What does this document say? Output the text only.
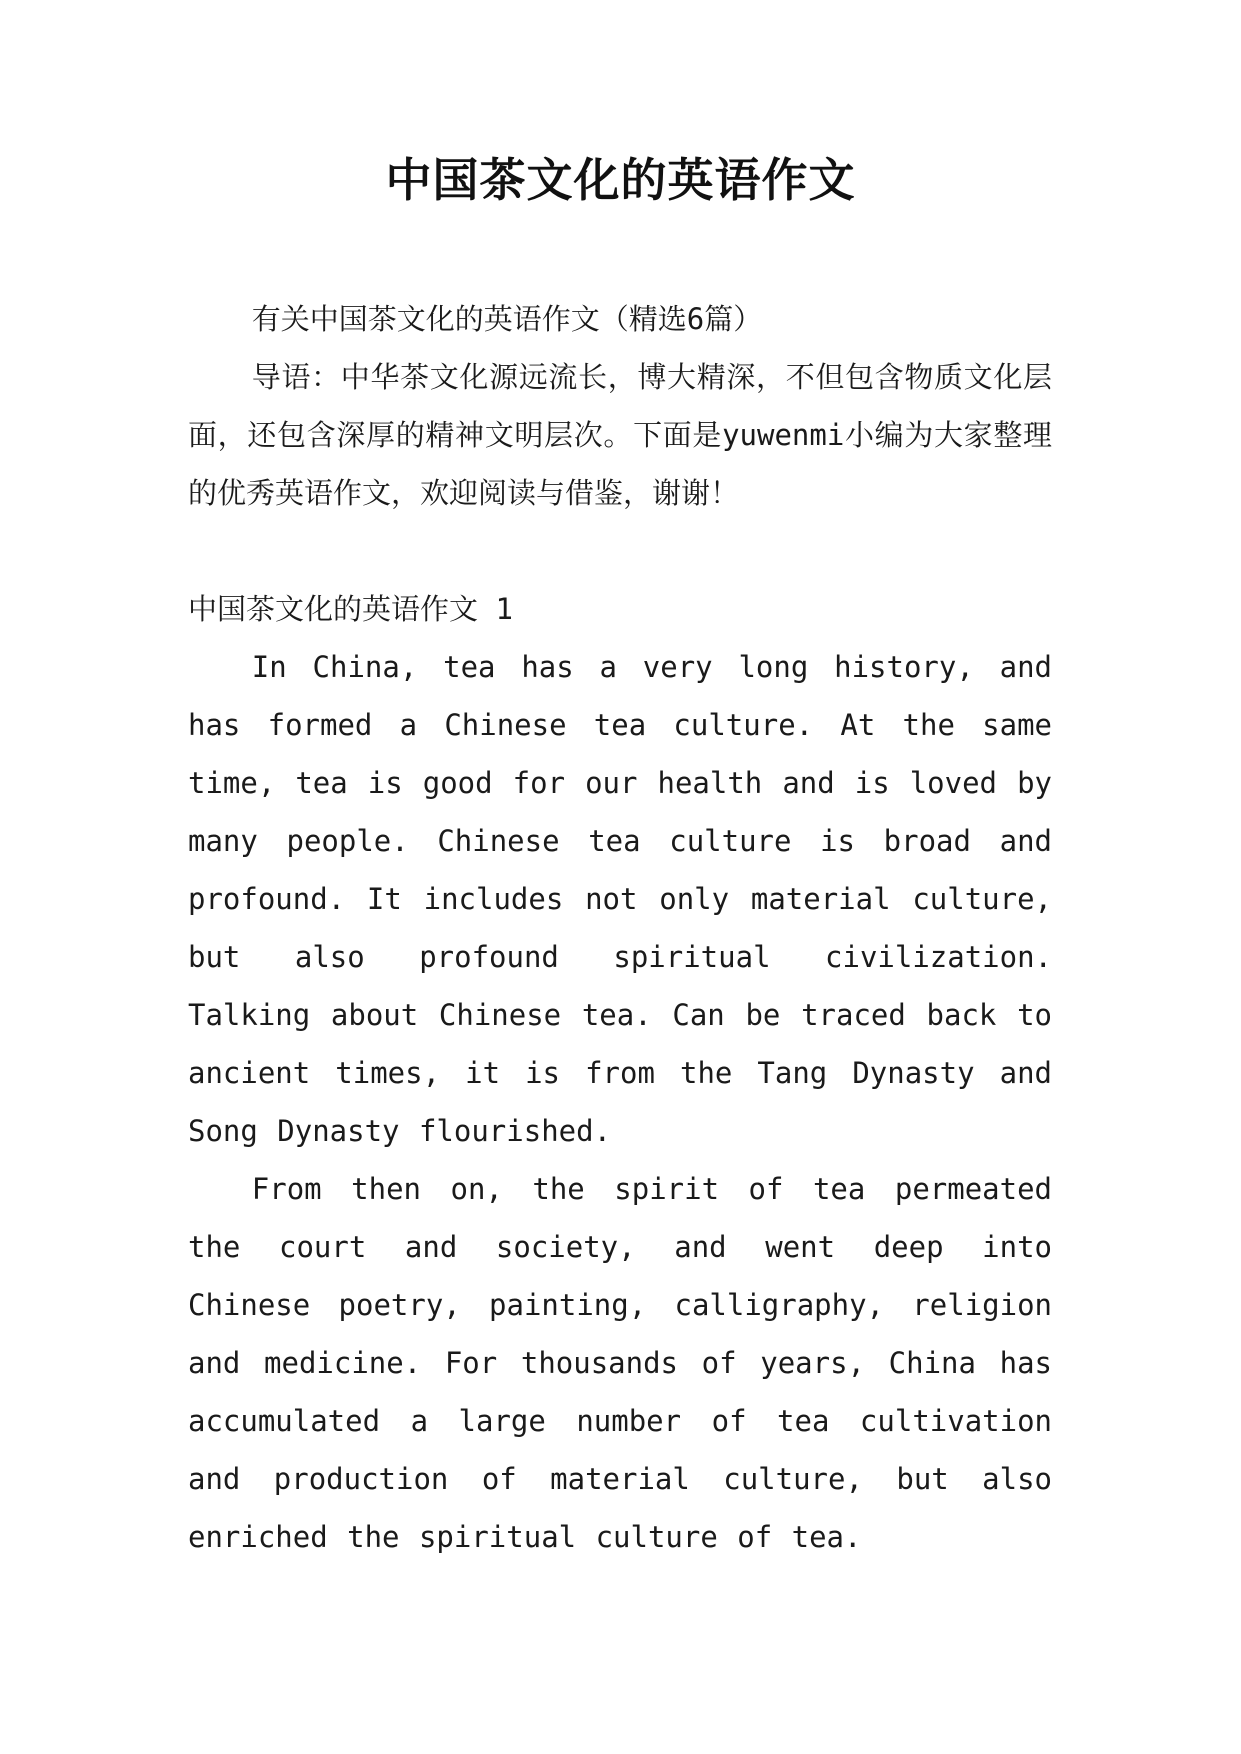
中国茶文化的英语作文

有关中国茶文化的英语作文（精选6篇）

导语：中华茶文化源远流长，博大精深，不但包含物质文化层面，还包含深厚的精神文明层次。下面是yuwenmi小编为大家整理的优秀英语作文，欢迎阅读与借鉴，谢谢！

中国茶文化的英语作文 1

In China, tea has a very long history, and has formed a Chinese tea culture. At the same time, tea is good for our health and is loved by many people. Chinese tea culture is broad and profound. It includes not only material culture, but also profound spiritual civilization. Talking about Chinese tea. Can be traced back to ancient times, it is from the Tang Dynasty and Song Dynasty flourished.

From then on, the spirit of tea permeated the court and society, and went deep into Chinese poetry, painting, calligraphy, religion and medicine. For thousands of years, China has accumulated a large number of tea cultivation and production of material culture, but also enriched the spiritual culture of tea.
